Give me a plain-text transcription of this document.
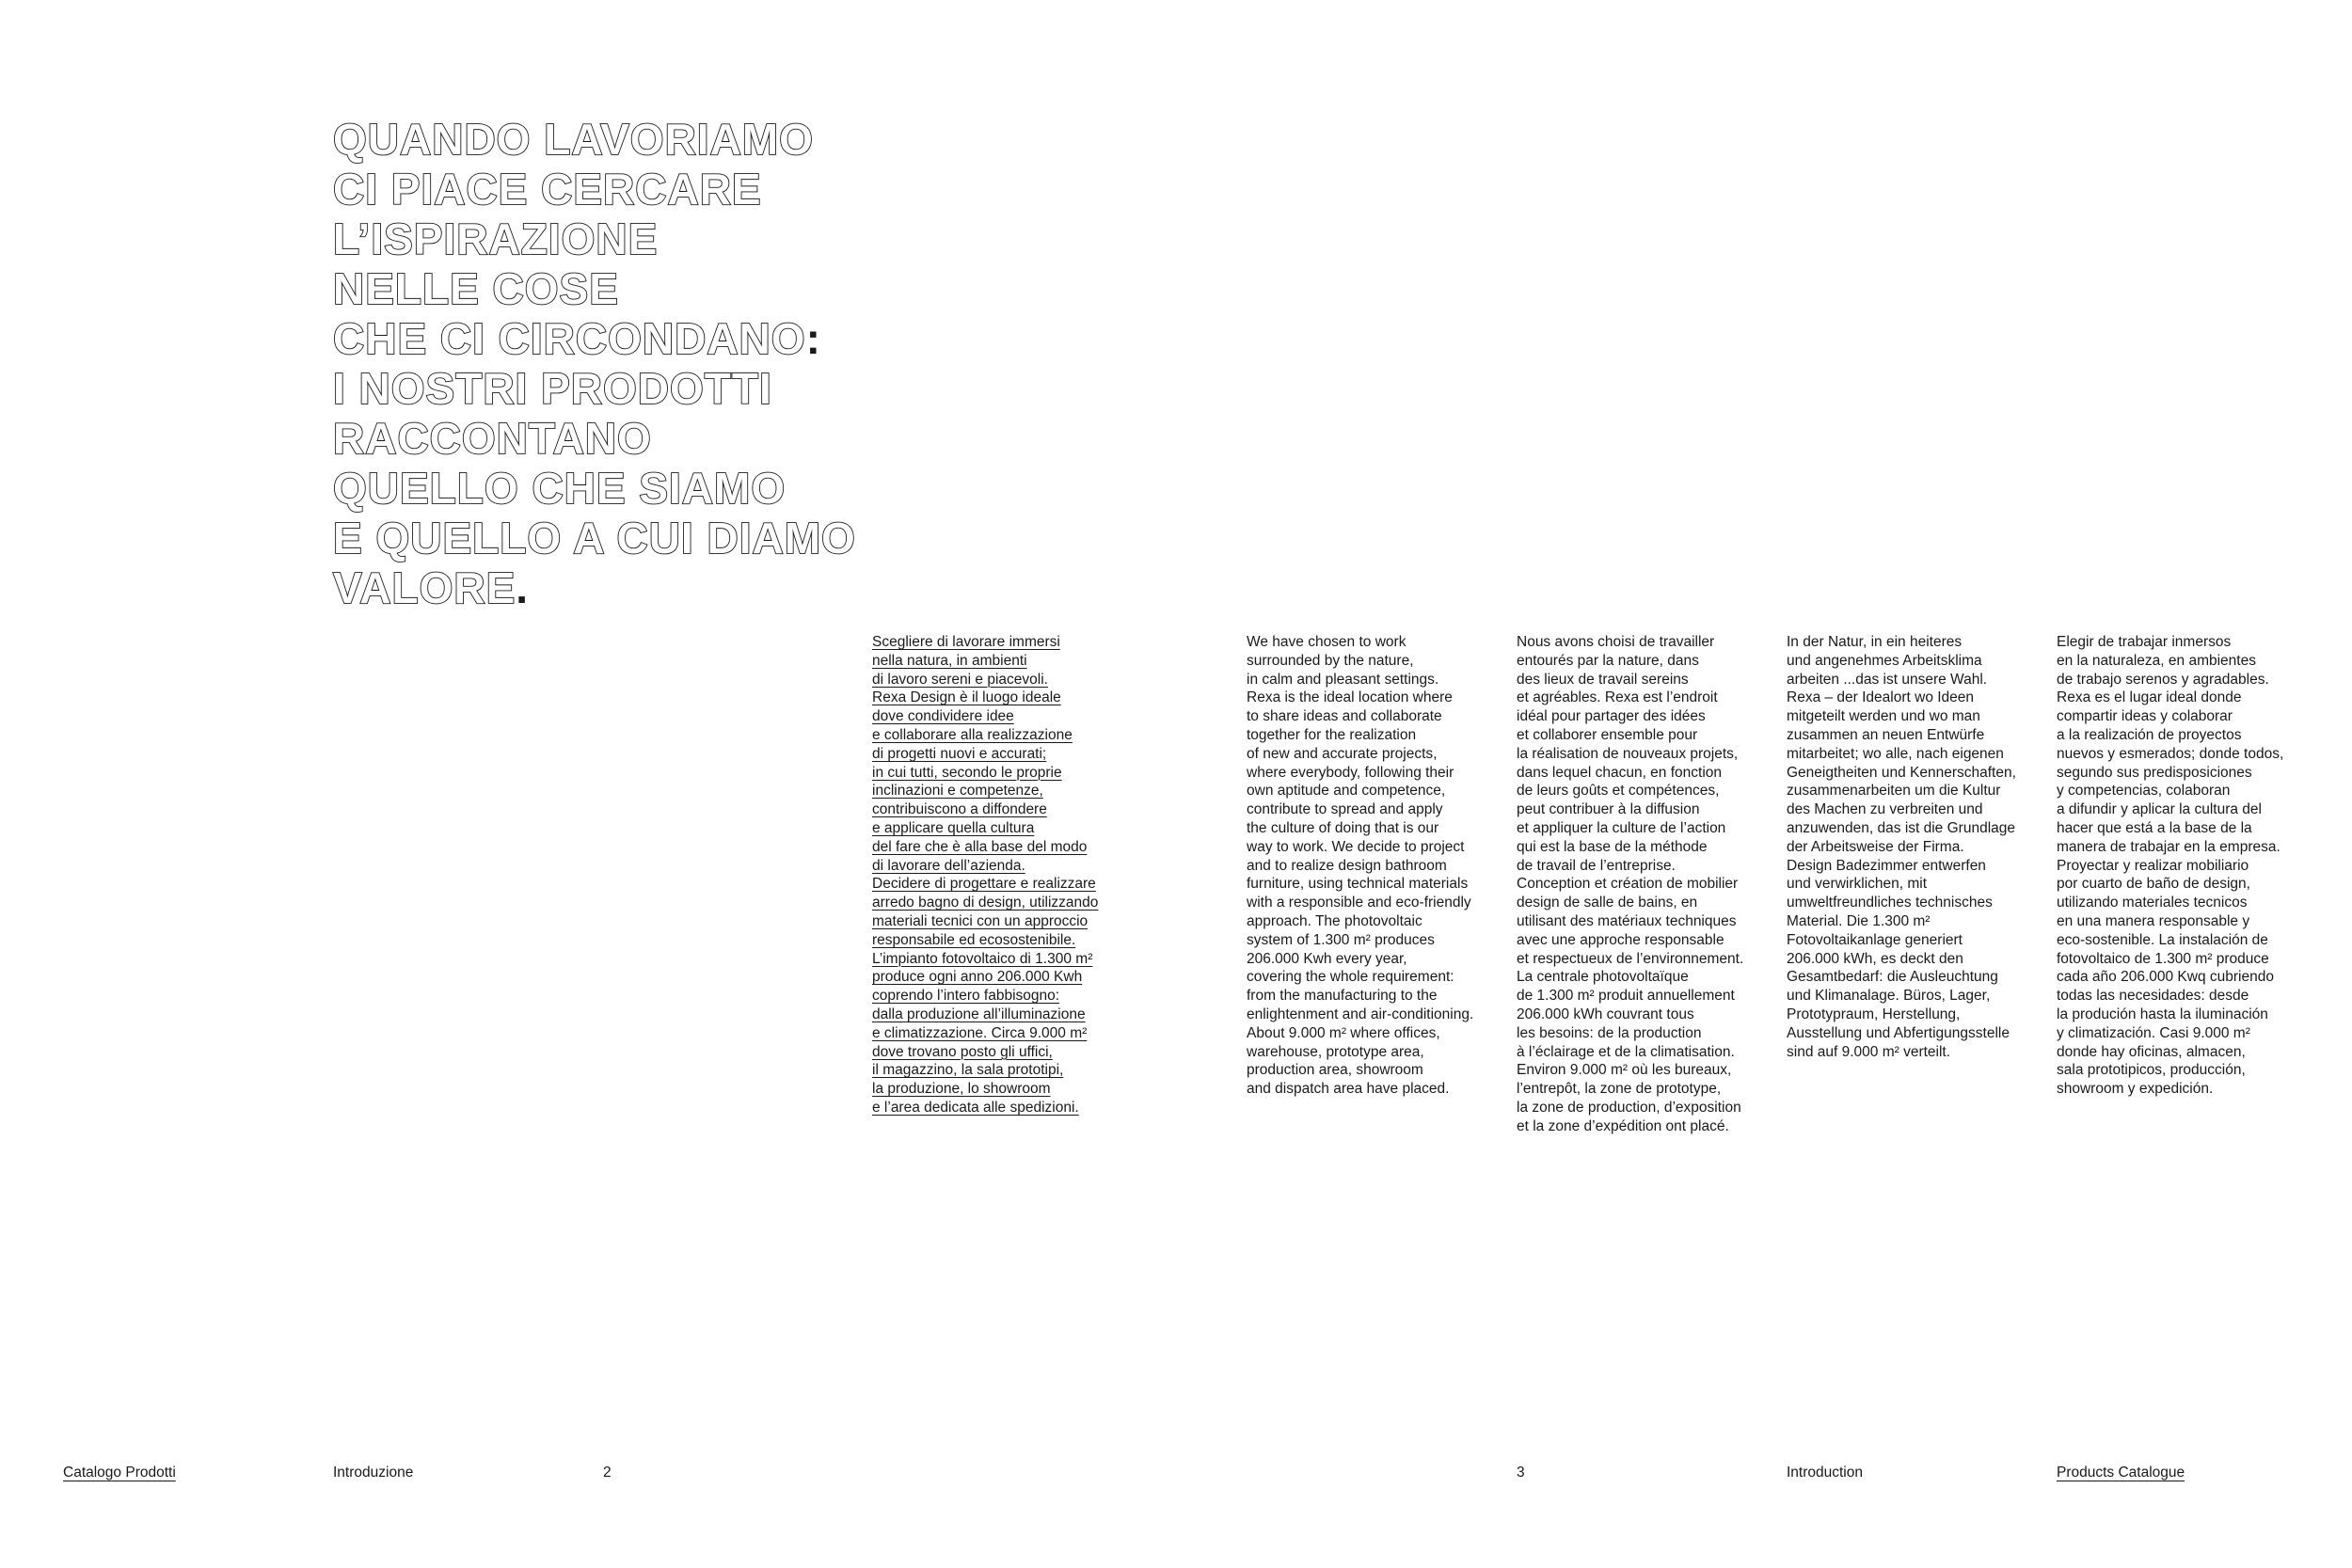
QUANDO LAVORIAMO
CI PIACE CERCARE
L’ISPIRAZIONE
NELLE COSE
CHE CI CIRCONDANO:
I NOSTRI PRODOTTI
RACCONTANO
QUELLO CHE SIAMO
E QUELLO A CUI DIAMO
VALORE.
Scegliere di lavorare immersi
nella natura, in ambienti
di lavoro sereni e piacevoli.
Rexa Design è il luogo ideale
dove condividere idee
e collaborare alla realizzazione
di progetti nuovi e accurati;
in cui tutti, secondo le proprie
inclinazioni e competenze,
contribuiscono a diffondere
e applicare quella cultura
del fare che è alla base del modo
di lavorare dell’azienda.
Decidere di progettare e realizzare
arredo bagno di design, utilizzando
materiali tecnici con un approccio
responsabile ed ecosostenibile.
L’impianto fotovoltaico di 1.300 m²
produce ogni anno 206.000 Kwh
coprendo l’intero fabbisogno:
dalla produzione all’illuminazione
e climatizzazione. Circa 9.000 m²
dove trovano posto gli uffici,
il magazzino, la sala prototipi,
la produzione, lo showroom
e l’area dedicata alle spedizioni.
We have chosen to work
surrounded by the nature,
in calm and pleasant settings.
Rexa is the ideal location where
to share ideas and collaborate
together for the realization
of new and accurate projects,
where everybody, following their
own aptitude and competence,
contribute to spread and apply
the culture of doing that is our
way to work. We decide to project
and to realize design bathroom
furniture, using technical materials
with a responsible and eco-friendly
approach. The photovoltaic
system of 1.300 m² produces
206.000 Kwh every year,
covering the whole requirement:
from the manufacturing to the
enlightenment and air-conditioning.
About 9.000 m² where offices,
warehouse, prototype area,
production area, showroom
and dispatch area have placed.
Nous avons choisi de travailler
entourés par la nature, dans
des lieux de travail sereins
et agréables. Rexa est l’endroit
idéal pour partager des idées
et collaborer ensemble pour
la réalisation de nouveaux projets,
dans lequel chacun, en fonction
de leurs goûts et compétences,
peut contribuer à la diffusion
et appliquer la culture de l’action
qui est la base de la méthode
de travail de l’entreprise.
Conception et création de mobilier
design de salle de bains, en
utilisant des matériaux techniques
avec une approche responsable
et respectueux de l’environnement.
La centrale photovoltaïque
de 1.300 m² produit annuellement
206.000 kWh couvrant tous
les besoins: de la production
à l’éclairage et de la climatisation.
Environ 9.000 m² où les bureaux,
l’entrepôt, la zone de prototype,
la zone de production, d’exposition
et la zone d’expédition ont placé.
In der Natur, in ein heiteres
und angenehmes Arbeitsklima
arbeiten ...das ist unsere Wahl.
Rexa – der Idealort wo Ideen
mitgeteilt werden und wo man
zusammen an neuen Entwürfe
mitarbeitet; wo alle, nach eigenen
Geneigtheiten und Kennerschaften,
zusammenarbeiten um die Kultur
des Machen zu verbreiten und
anzuwenden, das ist die Grundlage
der Arbeitsweise der Firma.
Design Badezimmer entwerfen
und verwirklichen, mit
umweltfreundliches technisches
Material. Die 1.300 m²
Fotovoltaikanlage generiert
206.000 kWh, es deckt den
Gesamtbedarf: die Ausleuchtung
und Klimanalage. Büros, Lager,
Prototypraum, Herstellung,
Ausstellung und Abfertigungsstelle
sind auf 9.000 m² verteilt.
Elegir de trabajar inmersos
en la naturaleza, en ambientes
de trabajo serenos y agradables.
Rexa es el lugar ideal donde
compartir ideas y colaborar
a la realización de proyectos
nuevos y esmerados; donde todos,
segundo sus predisposiciones
y competencias, colaboran
a difundir y aplicar la cultura del
hacer que está a la base de la
manera de trabajar en la empresa.
Proyectar y realizar mobiliario
por cuarto de baño de design,
utilizando materiales tecnicos
en una manera responsable y
eco-sostenible. La instalación de
fotovoltaico de 1.300 m² produce
cada año 206.000 Kwq cubriendo
todas las necesidades: desde
la produción hasta la iluminación
y climatización. Casi 9.000 m²
donde hay oficinas, almacen,
sala prototipicos, producción,
showroom y expedición.
Catalogo Prodotti	Introduzione	2	3	Introduction	Products Catalogue
